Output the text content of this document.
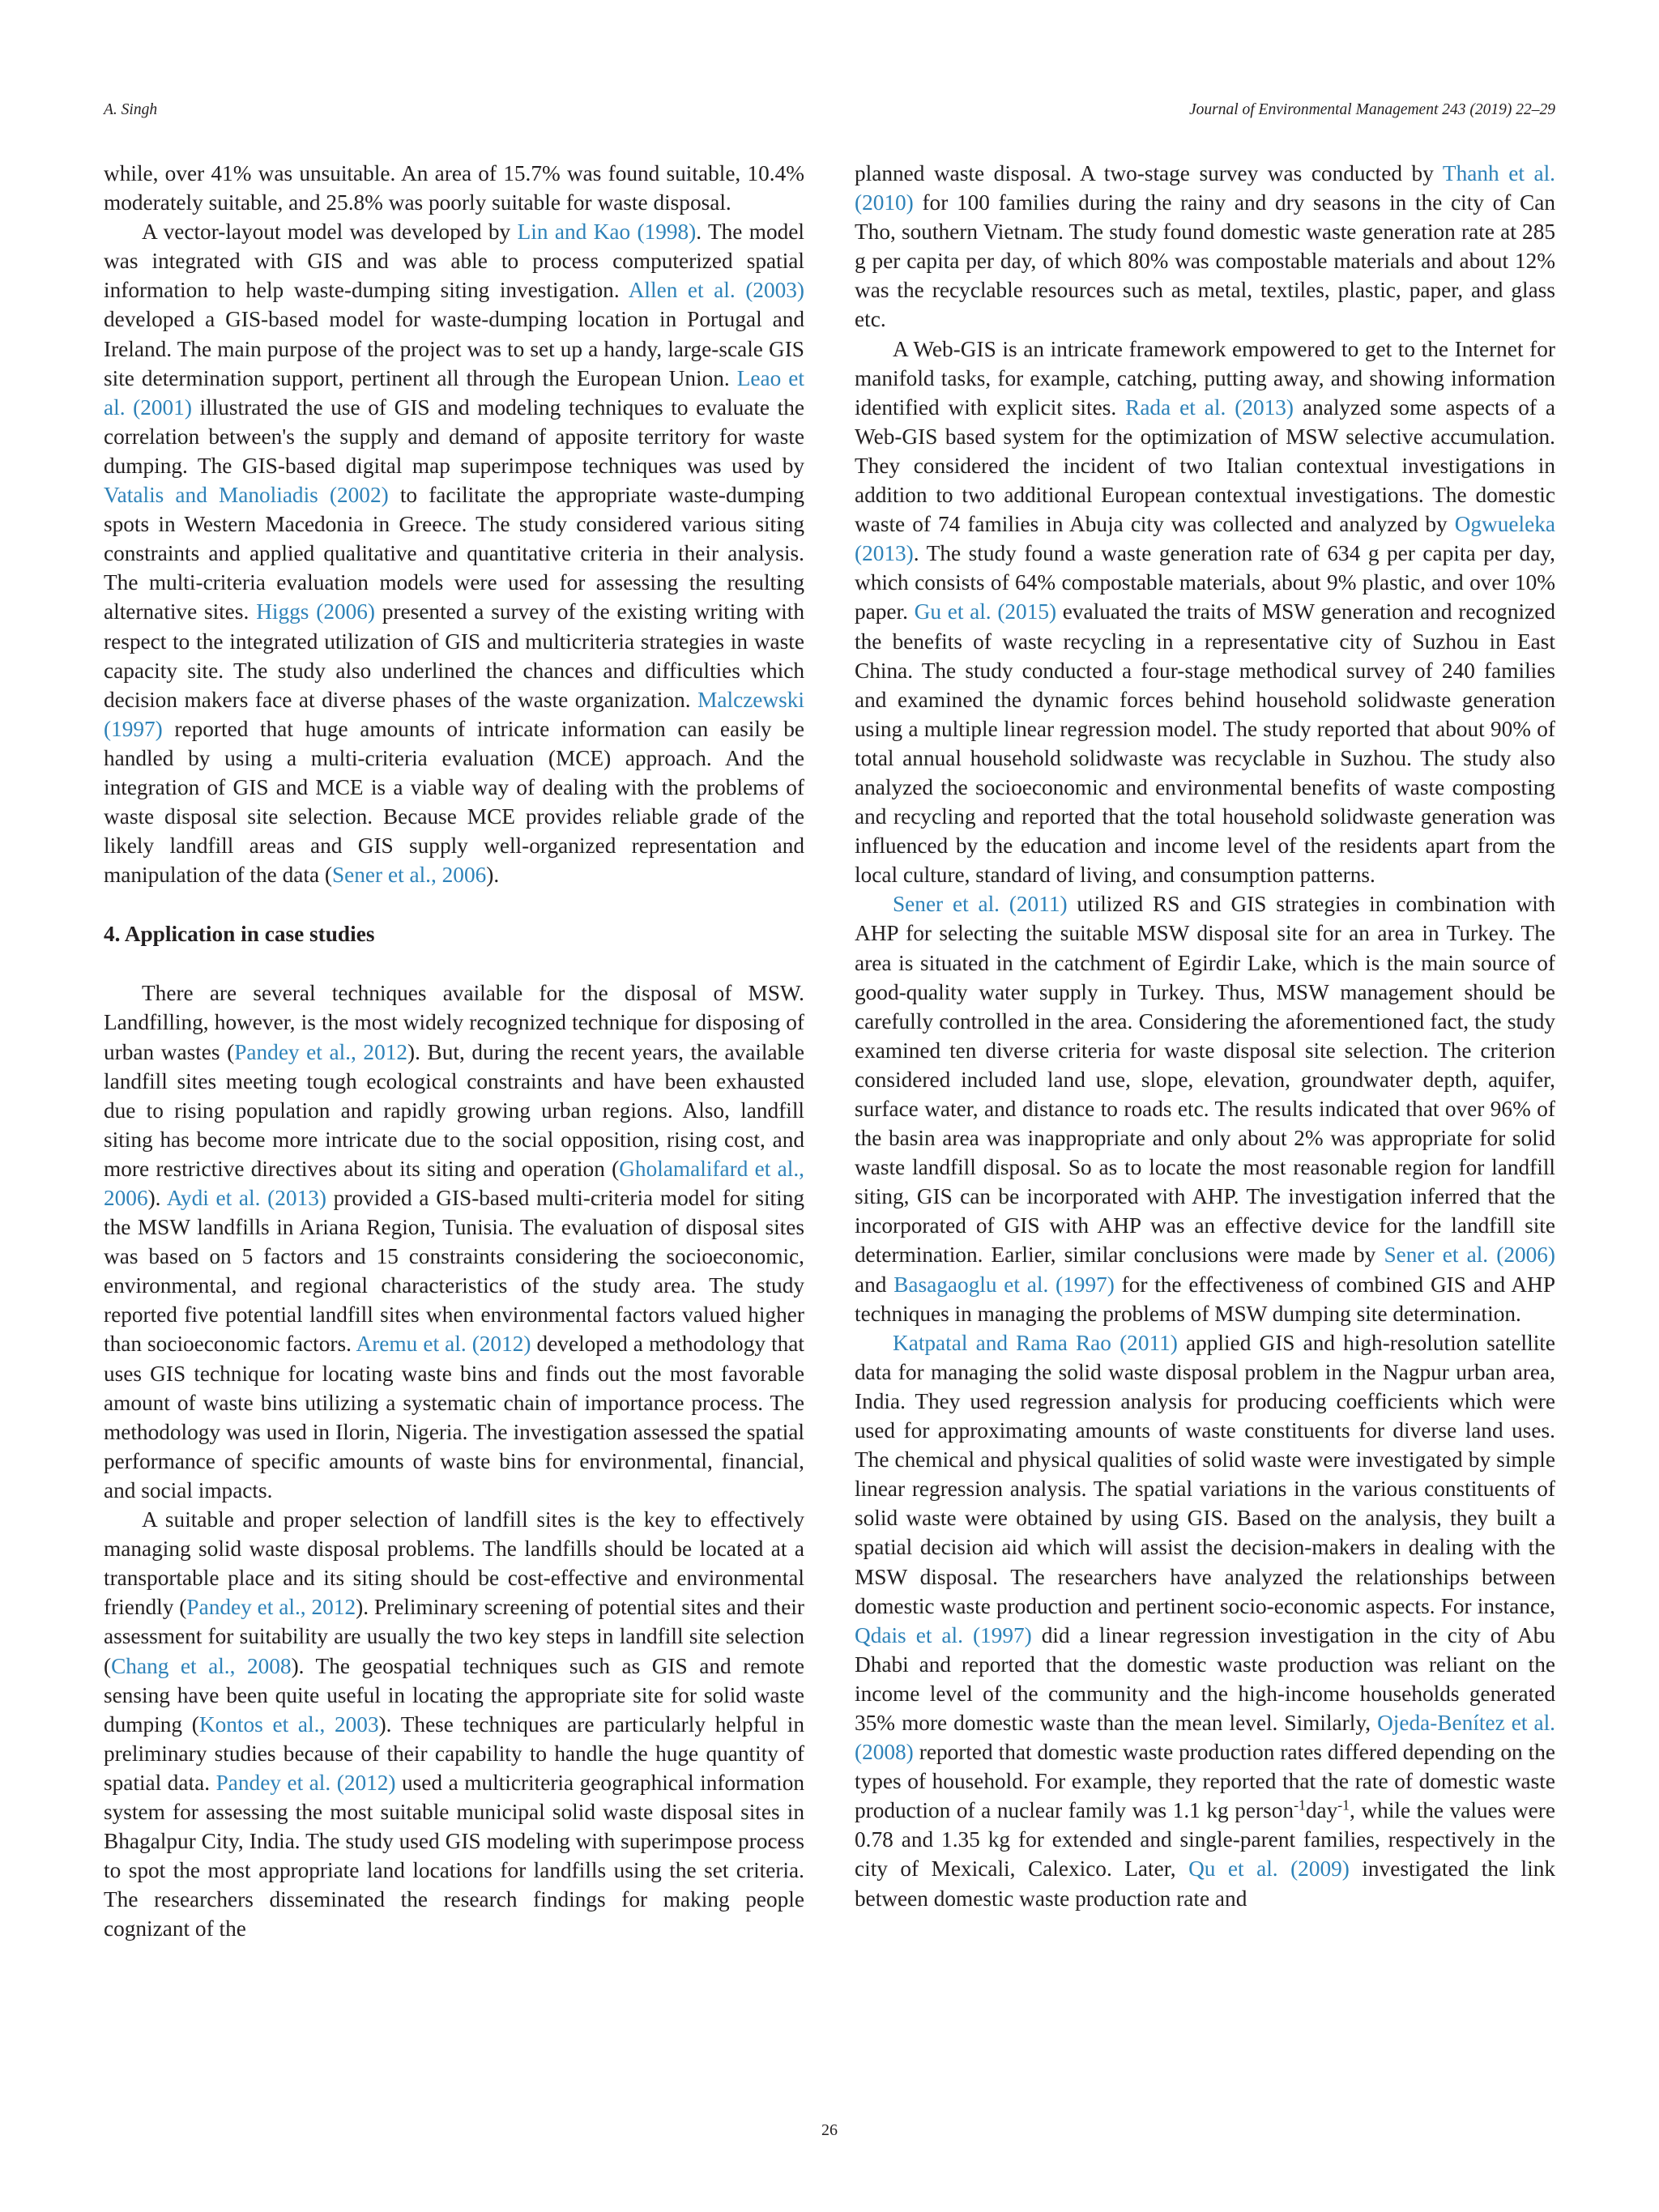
A. Singh	Journal of Environmental Management 243 (2019) 22–29

while, over 41% was unsuitable. An area of 15.7% was found suitable, 10.4% moderately suitable, and 25.8% was poorly suitable for waste disposal.

A vector-layout model was developed by Lin and Kao (1998). The model was integrated with GIS and was able to process computerized spatial information to help waste-dumping siting investigation. Allen et al. (2003) developed a GIS-based model for waste-dumping location in Portugal and Ireland. The main purpose of the project was to set up a handy, large-scale GIS site determination support, pertinent all through the European Union. Leao et al. (2001) illustrated the use of GIS and modeling techniques to evaluate the correlation between's the supply and demand of apposite territory for waste dumping. The GIS-based digital map superimpose techniques was used by Vatalis and Manoliadis (2002) to facilitate the appropriate waste-dumping spots in Western Macedonia in Greece. The study considered various siting constraints and applied qualitative and quantitative criteria in their analysis. The multi-criteria evaluation models were used for assessing the resulting alternative sites. Higgs (2006) presented a survey of the existing writing with respect to the integrated utilization of GIS and multicriteria strategies in waste capacity site. The study also underlined the chances and difficulties which decision makers face at diverse phases of the waste organization. Malczewski (1997) reported that huge amounts of intricate information can easily be handled by using a multi-criteria evaluation (MCE) approach. And the integration of GIS and MCE is a viable way of dealing with the problems of waste disposal site selection. Because MCE provides reliable grade of the likely landfill areas and GIS supply well-organized representation and manipulation of the data (Sener et al., 2006).

4. Application in case studies

There are several techniques available for the disposal of MSW. Landfilling, however, is the most widely recognized technique for disposing of urban wastes (Pandey et al., 2012). But, during the recent years, the available landfill sites meeting tough ecological constraints and have been exhausted due to rising population and rapidly growing urban regions. Also, landfill siting has become more intricate due to the social opposition, rising cost, and more restrictive directives about its siting and operation (Gholamalifard et al., 2006). Aydi et al. (2013) provided a GIS-based multi-criteria model for siting the MSW landfills in Ariana Region, Tunisia. The evaluation of disposal sites was based on 5 factors and 15 constraints considering the socioeconomic, environmental, and regional characteristics of the study area. The study reported five potential landfill sites when environmental factors valued higher than socioeconomic factors. Aremu et al. (2012) developed a methodology that uses GIS technique for locating waste bins and finds out the most favorable amount of waste bins utilizing a systematic chain of importance process. The methodology was used in Ilorin, Nigeria. The investigation assessed the spatial performance of specific amounts of waste bins for environmental, financial, and social impacts.

A suitable and proper selection of landfill sites is the key to effectively managing solid waste disposal problems. The landfills should be located at a transportable place and its siting should be cost-effective and environmental friendly (Pandey et al., 2012). Preliminary screening of potential sites and their assessment for suitability are usually the two key steps in landfill site selection (Chang et al., 2008). The geospatial techniques such as GIS and remote sensing have been quite useful in locating the appropriate site for solid waste dumping (Kontos et al., 2003). These techniques are particularly helpful in preliminary studies because of their capability to handle the huge quantity of spatial data. Pandey et al. (2012) used a multicriteria geographical information system for assessing the most suitable municipal solid waste disposal sites in Bhagalpur City, India. The study used GIS modeling with superimpose process to spot the most appropriate land locations for landfills using the set criteria. The researchers disseminated the research findings for making people cognizant of the

planned waste disposal. A two-stage survey was conducted by Thanh et al. (2010) for 100 families during the rainy and dry seasons in the city of Can Tho, southern Vietnam. The study found domestic waste generation rate at 285 g per capita per day, of which 80% was compostable materials and about 12% was the recyclable resources such as metal, textiles, plastic, paper, and glass etc.

A Web-GIS is an intricate framework empowered to get to the Internet for manifold tasks, for example, catching, putting away, and showing information identified with explicit sites. Rada et al. (2013) analyzed some aspects of a Web-GIS based system for the optimization of MSW selective accumulation. They considered the incident of two Italian contextual investigations in addition to two additional European contextual investigations. The domestic waste of 74 families in Abuja city was collected and analyzed by Ogwueleka (2013). The study found a waste generation rate of 634 g per capita per day, which consists of 64% compostable materials, about 9% plastic, and over 10% paper. Gu et al. (2015) evaluated the traits of MSW generation and recognized the benefits of waste recycling in a representative city of Suzhou in East China. The study conducted a four-stage methodical survey of 240 families and examined the dynamic forces behind household solidwaste generation using a multiple linear regression model. The study reported that about 90% of total annual household solidwaste was recyclable in Suzhou. The study also analyzed the socioeconomic and environmental benefits of waste composting and recycling and reported that the total household solidwaste generation was influenced by the education and income level of the residents apart from the local culture, standard of living, and consumption patterns.

Sener et al. (2011) utilized RS and GIS strategies in combination with AHP for selecting the suitable MSW disposal site for an area in Turkey. The area is situated in the catchment of Egirdir Lake, which is the main source of good-quality water supply in Turkey. Thus, MSW management should be carefully controlled in the area. Considering the aforementioned fact, the study examined ten diverse criteria for waste disposal site selection. The criterion considered included land use, slope, elevation, groundwater depth, aquifer, surface water, and distance to roads etc. The results indicated that over 96% of the basin area was inappropriate and only about 2% was appropriate for solid waste landfill disposal. So as to locate the most reasonable region for landfill siting, GIS can be incorporated with AHP. The investigation inferred that the incorporated of GIS with AHP was an effective device for the landfill site determination. Earlier, similar conclusions were made by Sener et al. (2006) and Basagaoglu et al. (1997) for the effectiveness of combined GIS and AHP techniques in managing the problems of MSW dumping site determination.

Katpatal and Rama Rao (2011) applied GIS and high-resolution satellite data for managing the solid waste disposal problem in the Nagpur urban area, India. They used regression analysis for producing coefficients which were used for approximating amounts of waste constituents for diverse land uses. The chemical and physical qualities of solid waste were investigated by simple linear regression analysis. The spatial variations in the various constituents of solid waste were obtained by using GIS. Based on the analysis, they built a spatial decision aid which will assist the decision-makers in dealing with the MSW disposal. The researchers have analyzed the relationships between domestic waste production and pertinent socio-economic aspects. For instance, Qdais et al. (1997) did a linear regression investigation in the city of Abu Dhabi and reported that the domestic waste production was reliant on the income level of the community and the high-income households generated 35% more domestic waste than the mean level. Similarly, Ojeda-Benítez et al. (2008) reported that domestic waste production rates differed depending on the types of household. For example, they reported that the rate of domestic waste production of a nuclear family was 1.1 kg person$^{-1}$day$^{-1}$, while the values were 0.78 and 1.35 kg for extended and single-parent families, respectively in the city of Mexicali, Calexico. Later, Qu et al. (2009) investigated the link between domestic waste production rate and

26
